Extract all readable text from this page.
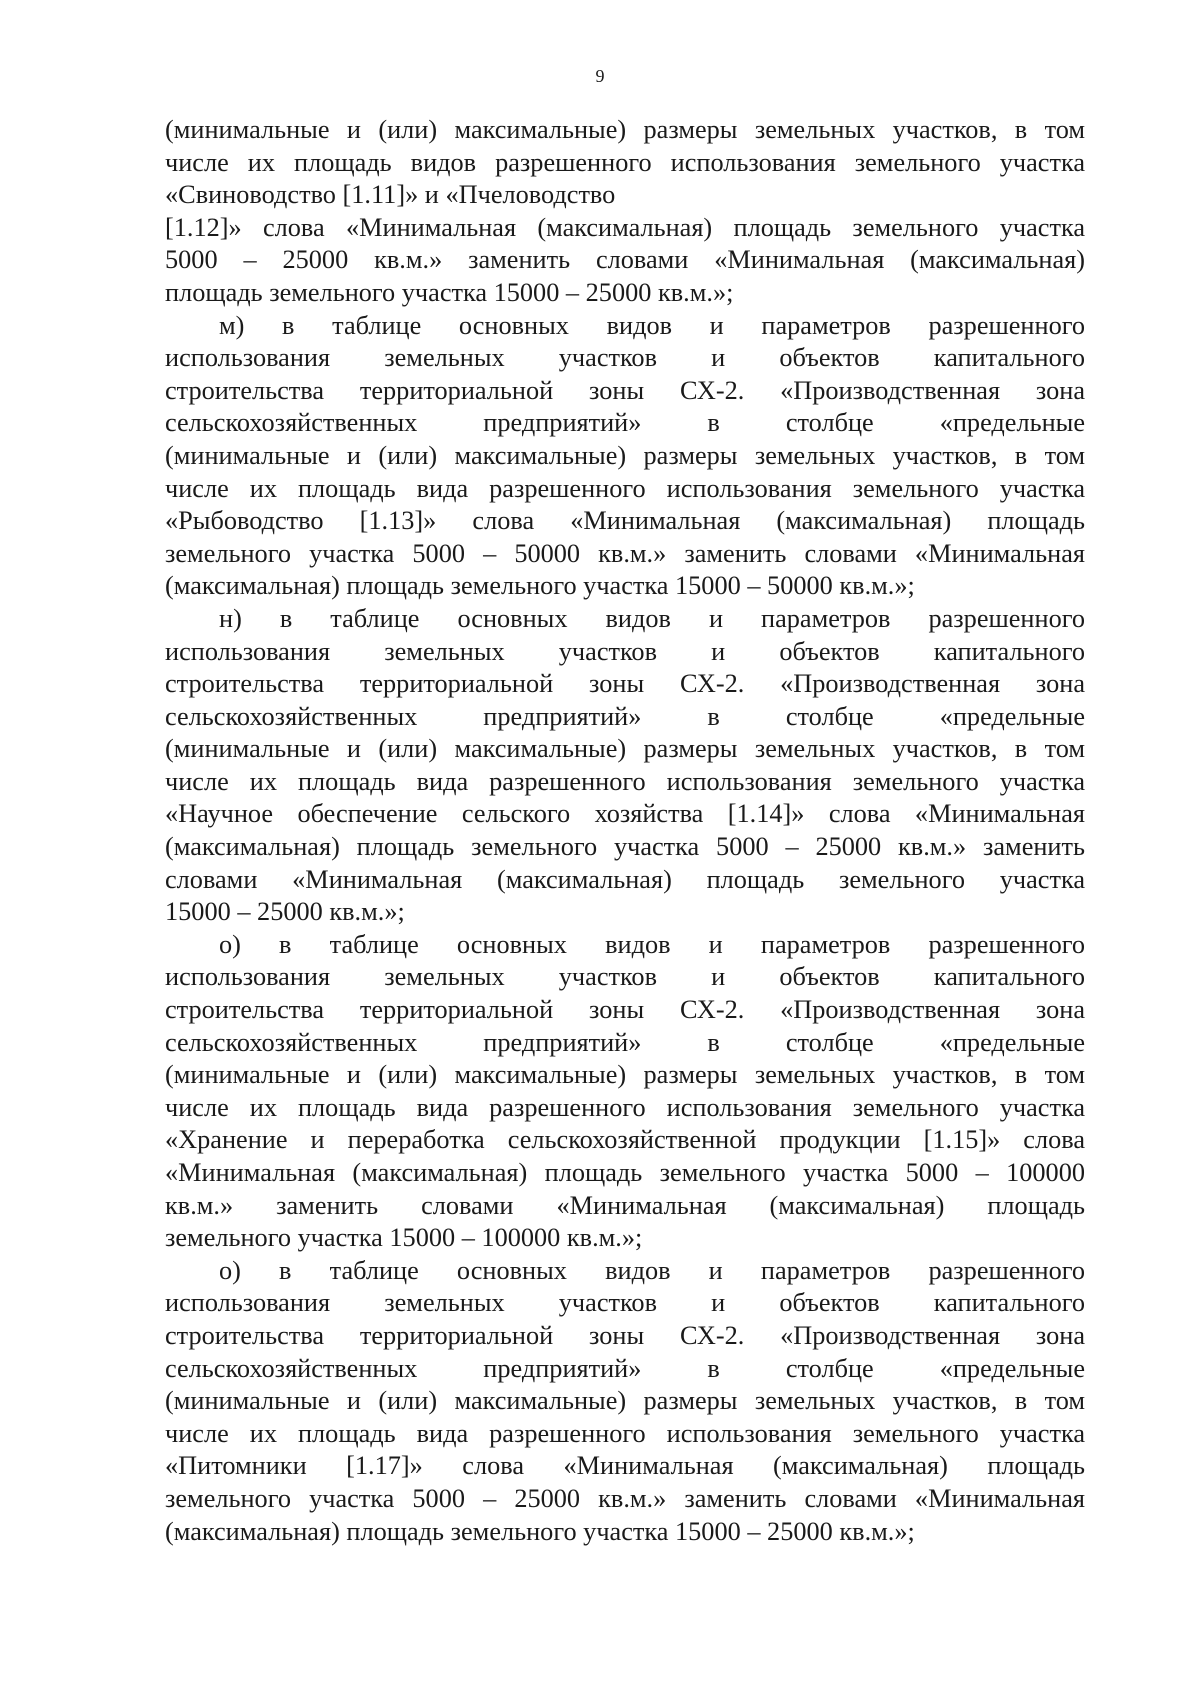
9
(минимальные и (или) максимальные) размеры земельных участков, в том
числе их площадь видов разрешенного использования земельного участка
«Свиноводство [1.11]» и «Пчеловодство
[1.12]» слова «Минимальная (максимальная) площадь земельного участка
5000 – 25000 кв.м.» заменить словами «Минимальная (максимальная)
площадь земельного участка 15000 – 25000 кв.м.»;
м) в таблице основных видов и параметров разрешенного
использования земельных участков и объектов капитального
строительства территориальной зоны СХ-2. «Производственная зона
сельскохозяйственных предприятий» в столбце «предельные
(минимальные и (или) максимальные) размеры земельных участков, в том
числе их площадь вида разрешенного использования земельного участка
«Рыбоводство [1.13]» слова «Минимальная (максимальная) площадь
земельного участка 5000 – 50000 кв.м.» заменить словами «Минимальная
(максимальная) площадь земельного участка 15000 – 50000 кв.м.»;
н) в таблице основных видов и параметров разрешенного
использования земельных участков и объектов капитального
строительства территориальной зоны СХ-2. «Производственная зона
сельскохозяйственных предприятий» в столбце «предельные
(минимальные и (или) максимальные) размеры земельных участков, в том
числе их площадь вида разрешенного использования земельного участка
«Научное обеспечение сельского хозяйства [1.14]» слова «Минимальная
(максимальная) площадь земельного участка 5000 – 25000 кв.м.» заменить
словами «Минимальная (максимальная) площадь земельного участка
15000 – 25000 кв.м.»;
о) в таблице основных видов и параметров разрешенного
использования земельных участков и объектов капитального
строительства территориальной зоны СХ-2. «Производственная зона
сельскохозяйственных предприятий» в столбце «предельные
(минимальные и (или) максимальные) размеры земельных участков, в том
числе их площадь вида разрешенного использования земельного участка
«Хранение и переработка сельскохозяйственной продукции [1.15]» слова
«Минимальная (максимальная) площадь земельного участка 5000 – 100000
кв.м.» заменить словами «Минимальная (максимальная) площадь
земельного участка 15000 – 100000 кв.м.»;
о) в таблице основных видов и параметров разрешенного
использования земельных участков и объектов капитального
строительства территориальной зоны СХ-2. «Производственная зона
сельскохозяйственных предприятий» в столбце «предельные
(минимальные и (или) максимальные) размеры земельных участков, в том
числе их площадь вида разрешенного использования земельного участка
«Питомники [1.17]» слова «Минимальная (максимальная) площадь
земельного участка 5000 – 25000 кв.м.» заменить словами «Минимальная
(максимальная) площадь земельного участка 15000 – 25000 кв.м.»;
